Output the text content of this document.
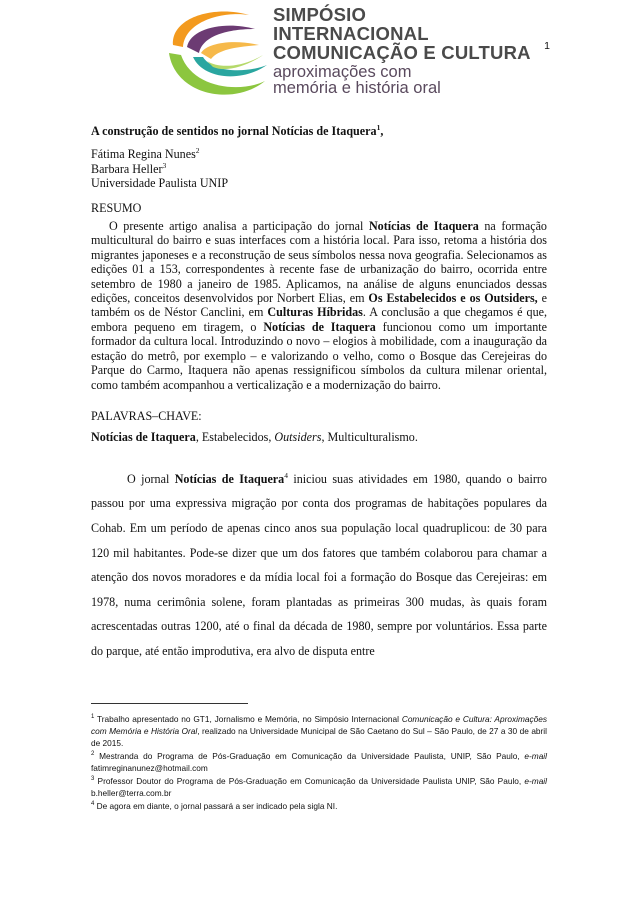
1
SIMPÓSIO
INTERNACIONAL
COMUNICAÇÃO E CULTURA
aproximações com
memória e história oral
A construção de sentidos no jornal Notícias de Itaquera$^1$,
Fátima Regina Nunes$^2$
Barbara Heller$^3$
Universidade Paulista UNIP
RESUMO

O presente artigo analisa a participação do jornal Notícias de Itaquera na formação multicultural do bairro e suas interfaces com a história local. Para isso, retoma a história dos migrantes japoneses e a reconstrução de seus símbolos nessa nova geografia. Selecionamos as edições 01 a 153, correspondentes à recente fase de urbanização do bairro, ocorrida entre setembro de 1980 a janeiro de 1985. Aplicamos, na análise de alguns enunciados dessas edições, conceitos desenvolvidos por Norbert Elias, em Os Estabelecidos e os Outsiders, e também os de Néstor Canclini, em Culturas Híbridas. A conclusão a que chegamos é que, embora pequeno em tiragem, o Notícias de Itaquera funcionou como um importante formador da cultura local. Introduzindo o novo – elogios à mobilidade, com a inauguração da estação do metrô, por exemplo – e valorizando o velho, como o Bosque das Cerejeiras do Parque do Carmo, Itaquera não apenas ressignificou símbolos da cultura milenar oriental, como também acompanhou a verticalização e a modernização do bairro.

PALAVRAS–CHAVE:
Notícias de Itaquera, Estabelecidos, Outsiders, Multiculturalismo.

O jornal Notícias de Itaquera$^4$ iniciou suas atividades em 1980, quando o bairro passou por uma expressiva migração por conta dos programas de habitações populares da Cohab. Em um período de apenas cinco anos sua população local quadruplicou: de 30 para 120 mil habitantes. Pode-se dizer que um dos fatores que também colaborou para chamar a atenção dos novos moradores e da mídia local foi a formação do Bosque das Cerejeiras: em 1978, numa cerimônia solene, foram plantadas as primeiras 300 mudas, às quais foram acrescentadas outras 1200, até o final da década de 1980, sempre por voluntários. Essa parte do parque, até então improdutiva, era alvo de disputa entre

$^1$ Trabalho apresentado no GT1, Jornalismo e Memória, no Simpósio Internacional Comunicação e Cultura: Aproximações com Memória e História Oral, realizado na Universidade Municipal de São Caetano do Sul – São Paulo, de 27 a 30 de abril de 2015.

$^2$ Mestranda do Programa de Pós-Graduação em Comunicação da Universidade Paulista, UNIP, São Paulo, e-mail fatimreginanunez@hotmail.com

$^3$ Professor Doutor do Programa de Pós-Graduação em Comunicação da Universidade Paulista UNIP, São Paulo, e-mail b.heller@terra.com.br

$^4$ De agora em diante, o jornal passará a ser indicado pela sigla NI.
